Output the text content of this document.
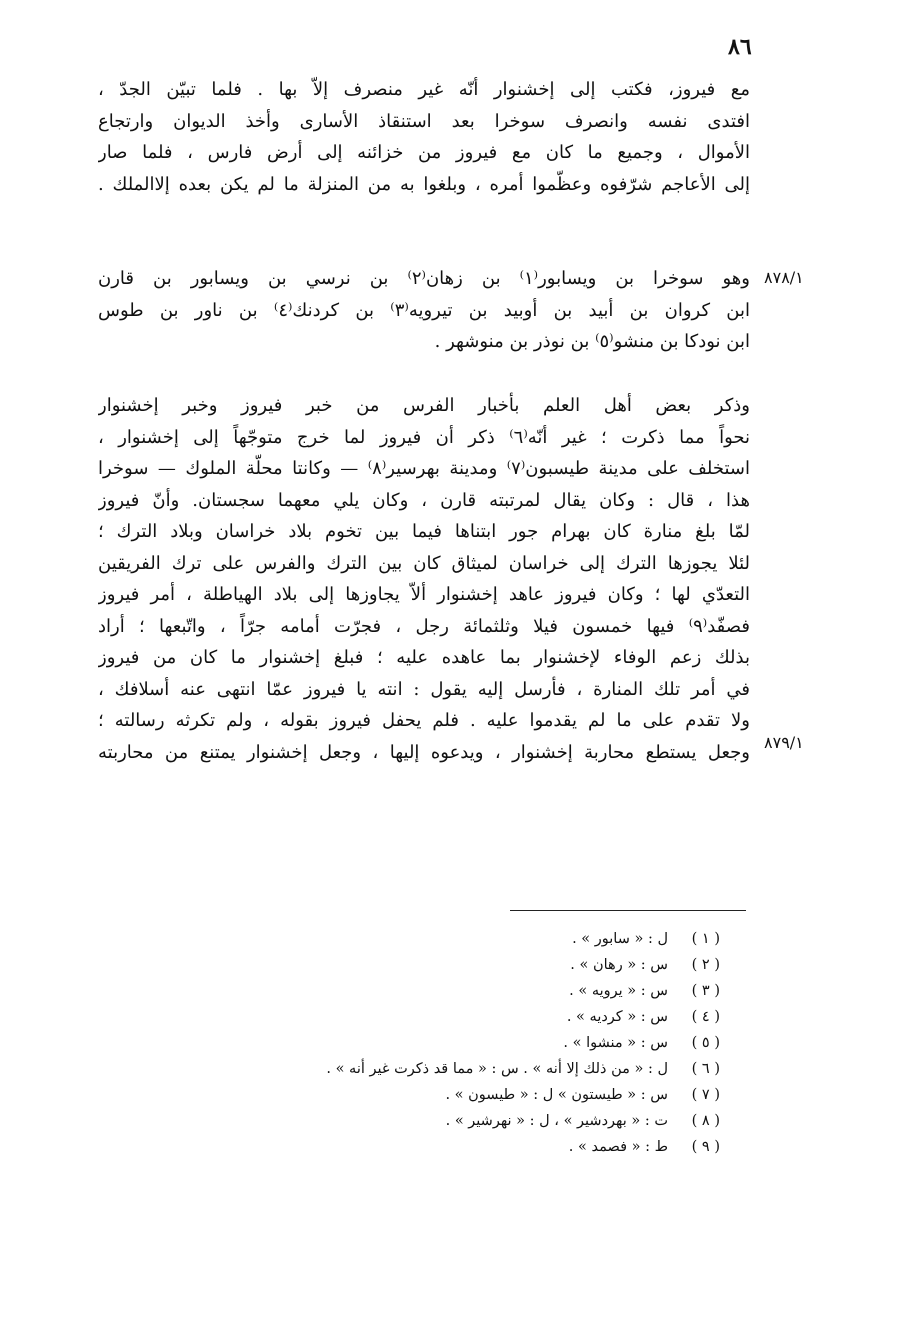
٨٦
٨٧٨/١
٨٧٩/١
مع فيروز، فكتب إلى إخشنوار أنّه غير منصرف إلاّ بها . فلما تبيّن الجدّ ،
افتدى نفسه وانصرف سوخرا بعد استنقاذ الأسارى وأخذ الديوان وارتجاع
الأموال ، وجميع ما كان مع فيروز من خزائنه إلى أرض فارس ، فلما صار
إلى الأعاجم شرّفوه وعظّموا أمره ، وبلغوا به من المنزلة ما لم يكن بعده إلاالملك .
وهو سوخرا بن ويسابور⁽١⁾ بن زهان⁽٢⁾ بن نرسي بن ويسابور بن قارن
ابن كروان بن أبيد بن أوبيد بن تيرويه⁽٣⁾ بن كردنك⁽٤⁾ بن ناور بن طوس
ابن نودكا بن منشو⁽٥⁾ بن نوذر بن منوشهر .
وذكر بعض أهل العلم بأخبار الفرس من خبر فيروز وخبر إخشنوار
نحواً مما ذكرت ؛ غير أنّه⁽٦⁾ ذكر أن فيروز لما خرج متوجّهاً إلى إخشنوار ،
استخلف على مدينة طيسبون⁽٧⁾ ومدينة بهرسير⁽٨⁾ — وكانتا محلّة الملوك — سوخرا
هذا ، قال : وكان يقال لمرتبته قارن ، وكان يلي معهما سجستان. وأنّ فيروز
لمّا بلغ منارة كان بهرام جور ابتناها فيما بين تخوم بلاد خراسان وبلاد الترك ؛
لئلا يجوزها الترك إلى خراسان لميثاق كان بين الترك والفرس على ترك الفريقين
التعدّي لها ؛ وكان فيروز عاهد إخشنوار ألاّ يجاوزها إلى بلاد الهياطلة ، أمر فيروز
فصفّد⁽٩⁾ فيها خمسون فيلا وثلثمائة رجل ، فجرّت أمامه جرّاً ، واتّبعها ؛ أراد
بذلك زعم الوفاء لإخشنوار بما عاهده عليه ؛ فبلغ إخشنوار ما كان من فيروز
في أمر تلك المنارة ، فأرسل إليه يقول : انته يا فيروز عمّا انتهى عنه أسلافك ،
ولا تقدم على ما لم يقدموا عليه . فلم يحفل فيروز بقوله ، ولم تكرثه رسالته ؛
وجعل يستطع محاربة إخشنوار ، ويدعوه إليها ، وجعل إخشنوار يمتنع من محاربته
( ١ )ل : « سابور » .
( ٢ )س : « رهان » .
( ٣ )س : « يرويه » .
( ٤ )س : « كرديه » .
( ٥ )س : « منشوا » .
( ٦ )ل : « من ذلك إلا أنه » . س : « مما قد ذكرت غير أنه » .
( ٧ )س : « طيستون » ل : « طيسون » .
( ٨ )ت : « بهردشير » ، ل : « نهرشير » .
( ٩ )ط : « فصمد » .
